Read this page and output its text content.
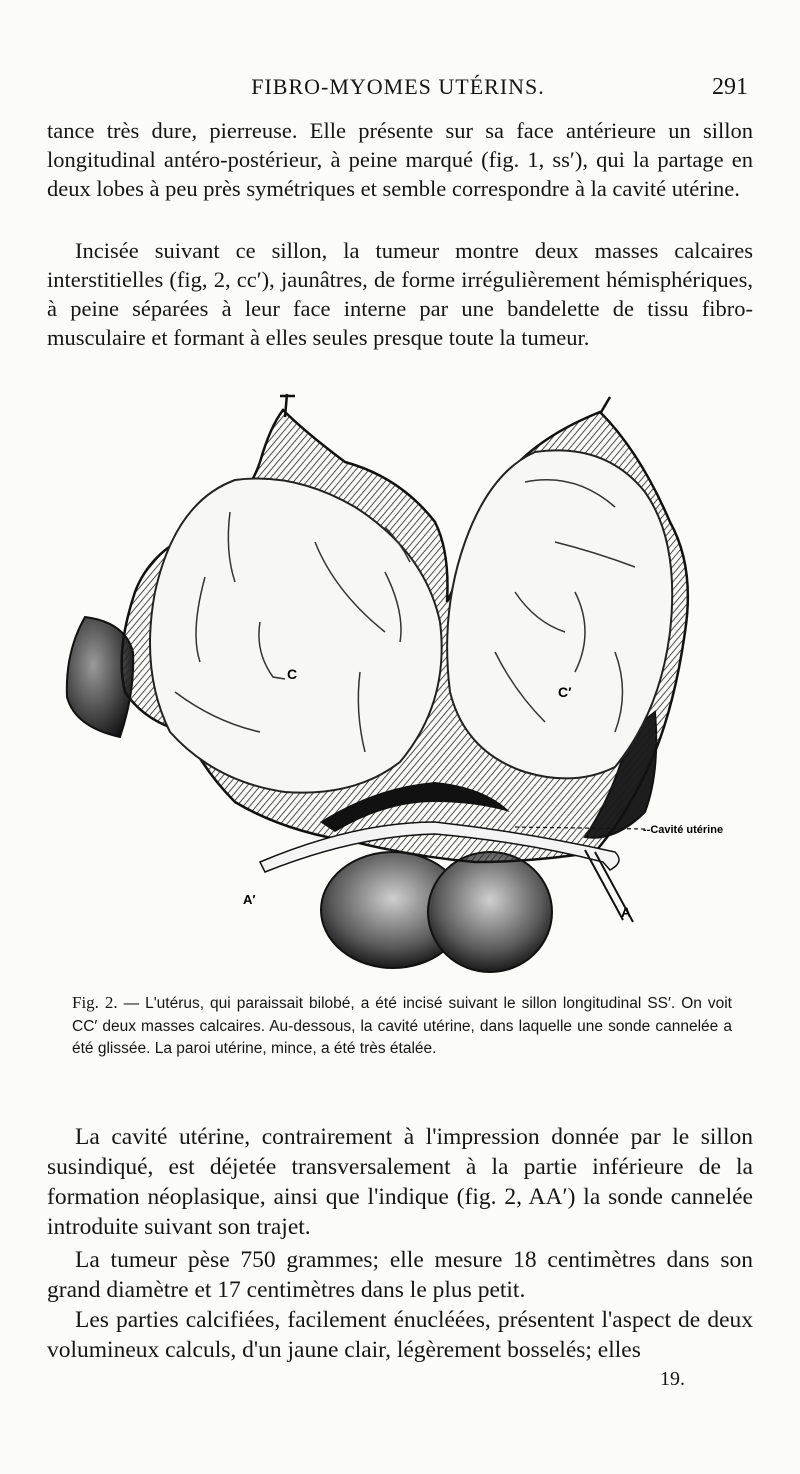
FIBRO-MYOMES UTÉRINS.	291

tance très dure, pierreuse. Elle présente sur sa face antérieure un sillon longitudinal antéro-postérieur, à peine marqué (fig. 1, ss′), qui la partage en deux lobes à peu près symétriques et semble correspondre à la cavité utérine.

Incisée suivant ce sillon, la tumeur montre deux masses calcaires interstitielles (fig, 2, cc′), jaunâtres, de forme irrégulièrement hémisphériques, à peine séparées à leur face interne par une bandelette de tissu fibro-musculaire et formant à elles seules presque toute la tumeur.

C
C′
A′
A
--Cavité utérine

Fig. 2. — L'utérus, qui paraissait bilobé, a été incisé suivant le sillon longitudinal SS′. On voit CC′ deux masses calcaires. Au-dessous, la cavité utérine, dans laquelle une sonde cannelée a été glissée. La paroi utérine, mince, a été très étalée.

La cavité utérine, contrairement à l'impression donnée par le sillon susindiqué, est déjetée transversalement à la partie inférieure de la formation néoplasique, ainsi que l'indique (fig. 2, AA′) la sonde cannelée introduite suivant son trajet.

La tumeur pèse 750 grammes; elle mesure 18 centimètres dans son grand diamètre et 17 centimètres dans le plus petit.

Les parties calcifiées, facilement énucléées, présentent l'aspect de deux volumineux calculs, d'un jaune clair, légèrement bosselés; elles

19.
